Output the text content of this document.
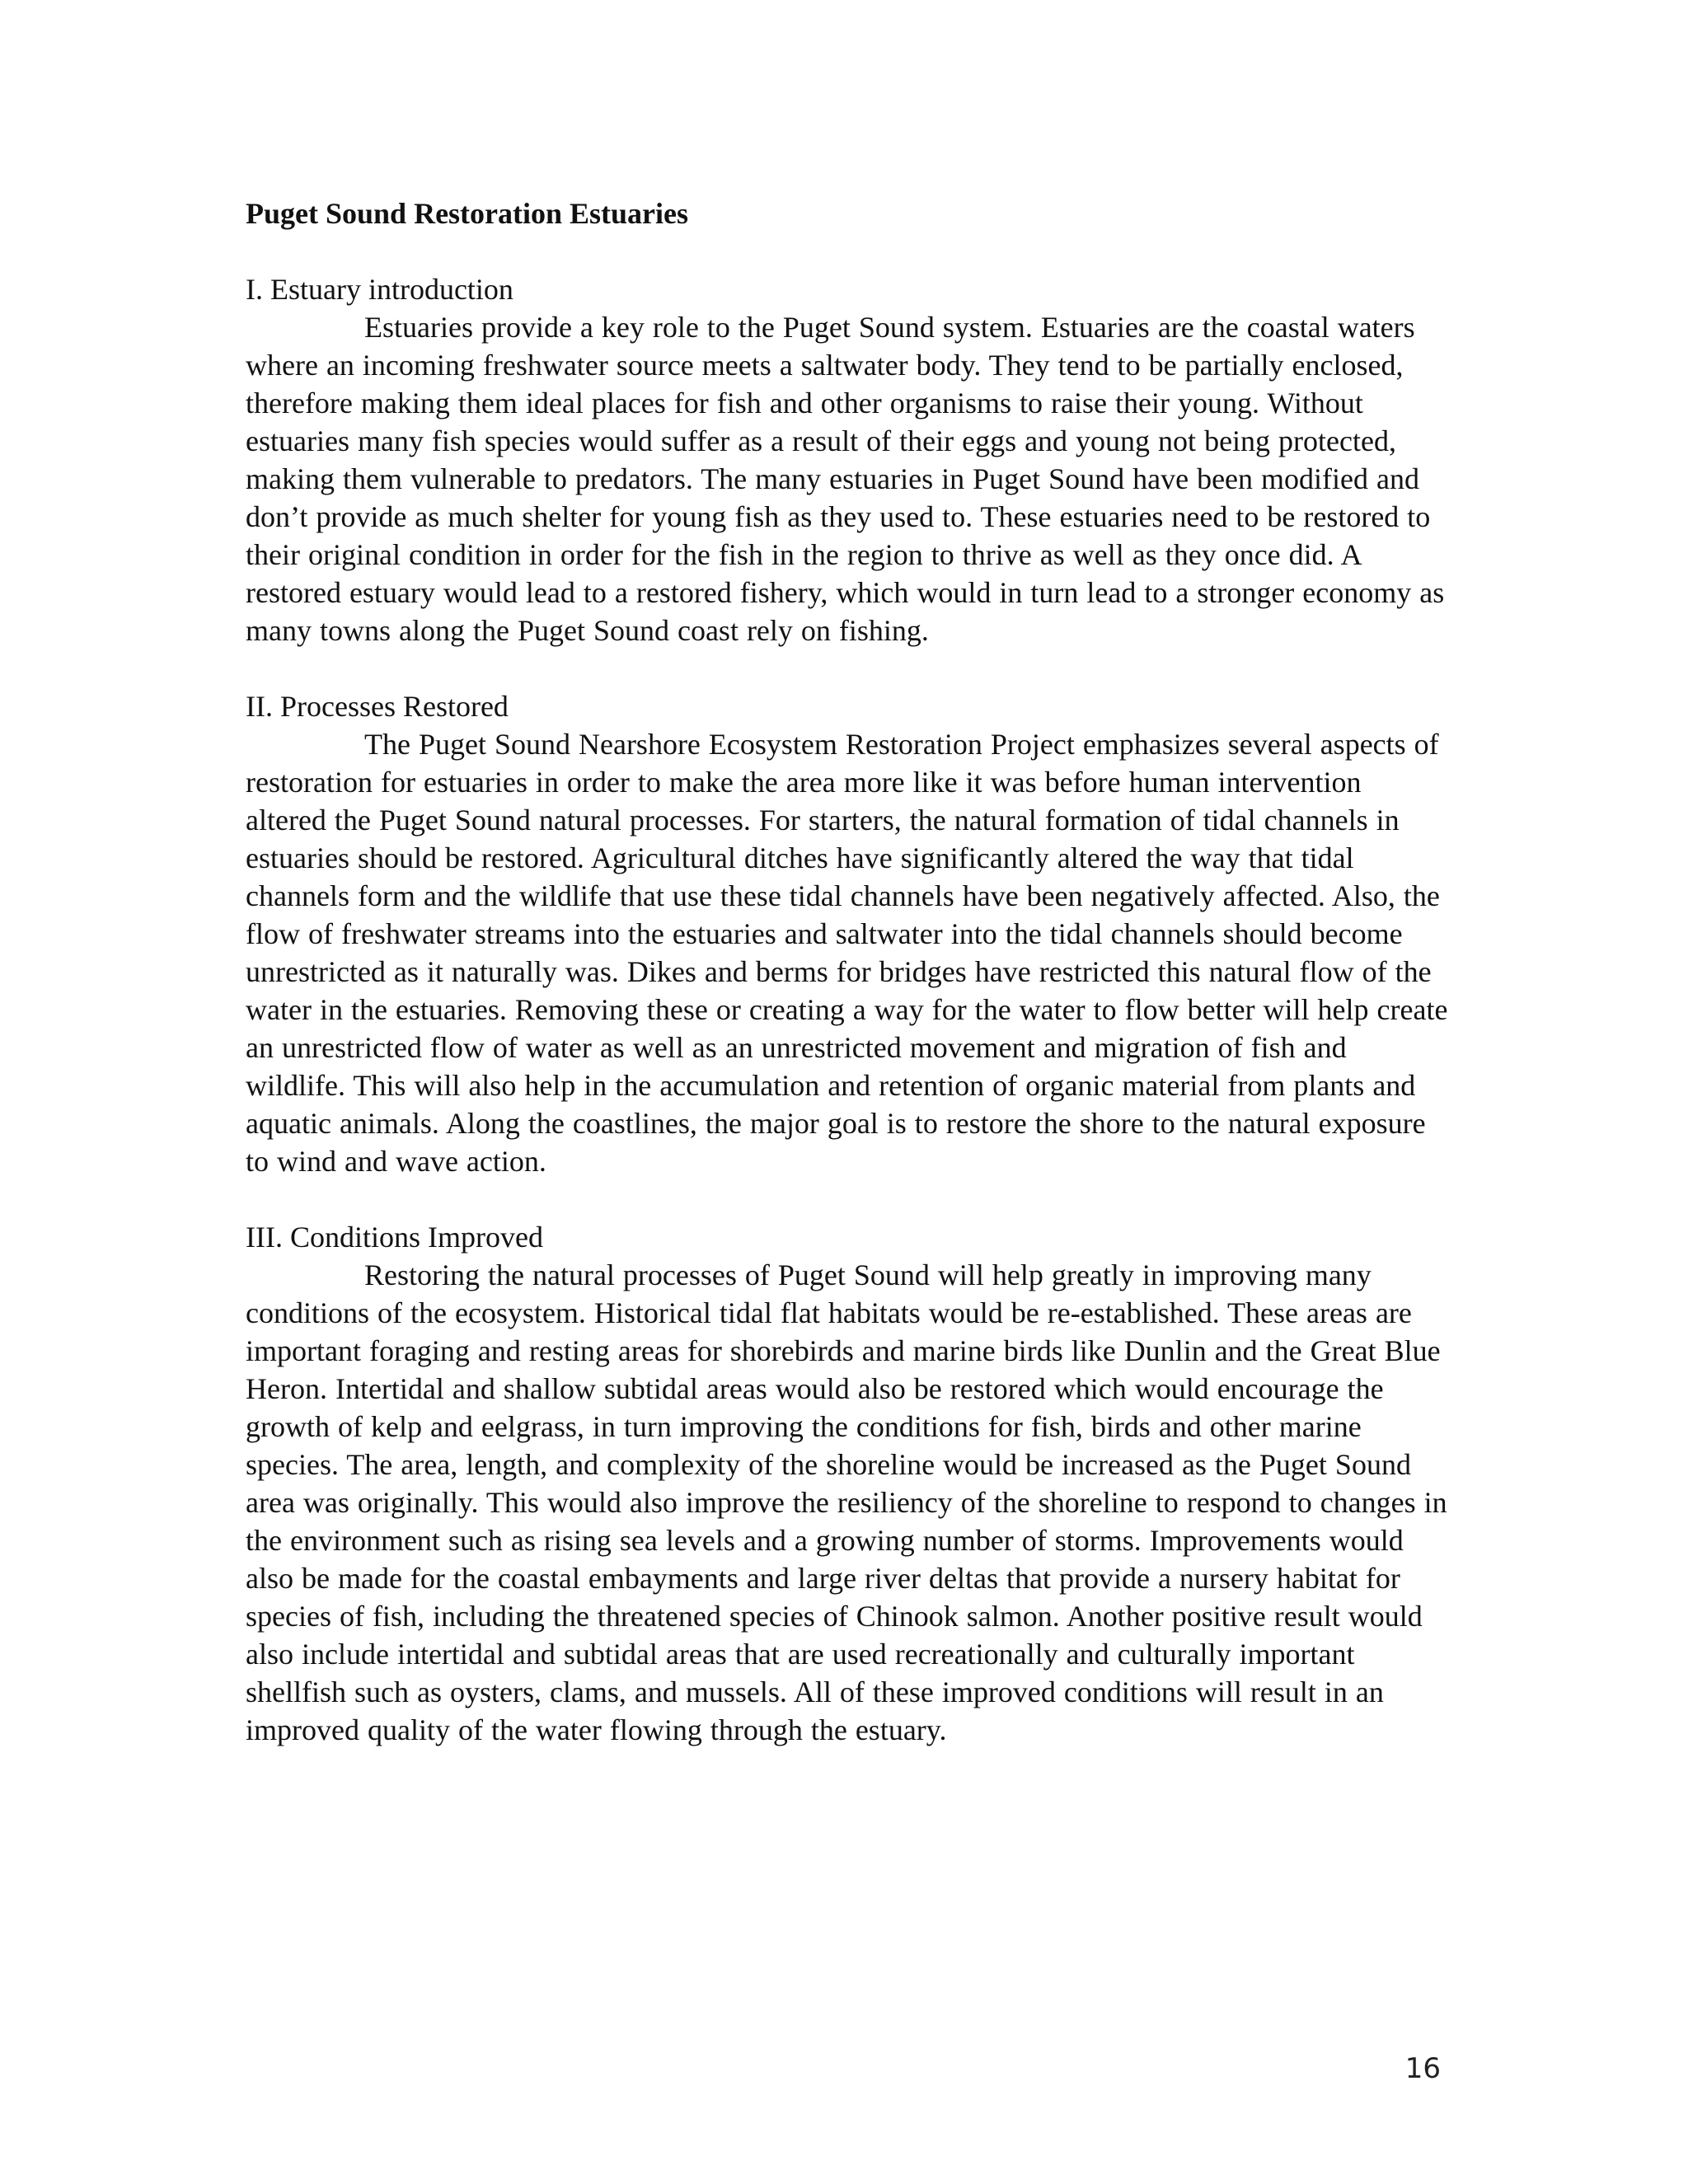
Puget Sound Restoration Estuaries
I. Estuary introduction

Estuaries provide a key role to the Puget Sound system. Estuaries are the coastal waters where an incoming freshwater source meets a saltwater body. They tend to be partially enclosed, therefore making them ideal places for fish and other organisms to raise their young. Without estuaries many fish species would suffer as a result of their eggs and young not being protected, making them vulnerable to predators. The many estuaries in Puget Sound have been modified and don’t provide as much shelter for young fish as they used to. These estuaries need to be restored to their original condition in order for the fish in the region to thrive as well as they once did. A restored estuary would lead to a restored fishery, which would in turn lead to a stronger economy as many towns along the Puget Sound coast rely on fishing.

II. Processes Restored

The Puget Sound Nearshore Ecosystem Restoration Project emphasizes several aspects of restoration for estuaries in order to make the area more like it was before human intervention altered the Puget Sound natural processes. For starters, the natural formation of tidal channels in estuaries should be restored. Agricultural ditches have significantly altered the way that tidal channels form and the wildlife that use these tidal channels have been negatively affected. Also, the flow of freshwater streams into the estuaries and saltwater into the tidal channels should become unrestricted as it naturally was. Dikes and berms for bridges have restricted this natural flow of the water in the estuaries. Removing these or creating a way for the water to flow better will help create an unrestricted flow of water as well as an unrestricted movement and migration of fish and wildlife. This will also help in the accumulation and retention of organic material from plants and aquatic animals. Along the coastlines, the major goal is to restore the shore to the natural exposure to wind and wave action.

III. Conditions Improved

Restoring the natural processes of Puget Sound will help greatly in improving many conditions of the ecosystem. Historical tidal flat habitats would be re-established. These areas are important foraging and resting areas for shorebirds and marine birds like Dunlin and the Great Blue Heron. Intertidal and shallow subtidal areas would also be restored which would encourage the growth of kelp and eelgrass, in turn improving the conditions for fish, birds and other marine species. The area, length, and complexity of the shoreline would be increased as the Puget Sound area was originally. This would also improve the resiliency of the shoreline to respond to changes in the environment such as rising sea levels and a growing number of storms. Improvements would also be made for the coastal embayments and large river deltas that provide a nursery habitat for species of fish, including the threatened species of Chinook salmon. Another positive result would also include intertidal and subtidal areas that are used recreationally and culturally important shellfish such as oysters, clams, and mussels. All of these improved conditions will result in an improved quality of the water flowing through the estuary.

16
